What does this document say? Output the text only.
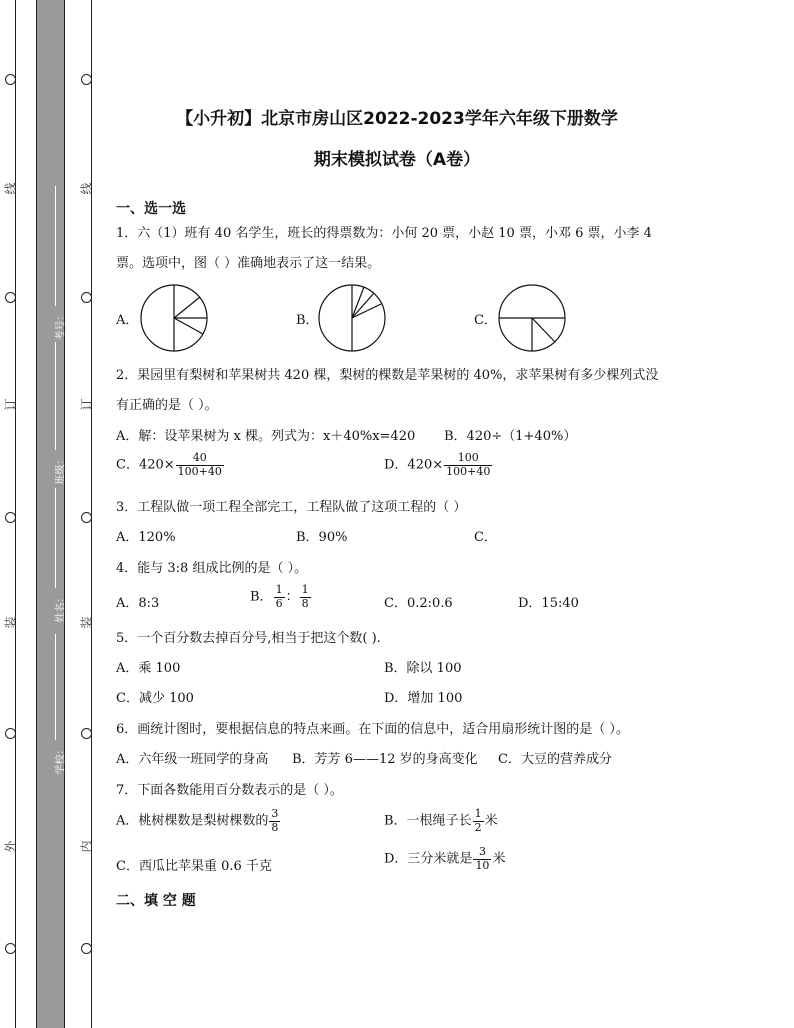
线
订
装
外
线
订
装
内
考号：
班级：
姓名：
学校：
【小升初】北京市房山区2022-2023学年六年级下册数学
期末模拟试卷（A卷）
一、选一选
1．六（1）班有 40 名学生，班长的得票数为：小何 20 票，小赵 10 票，小邓 6 票，小李 4
票。选项中，图（ ）准确地表示了这一结果。
A．	B．	C．
2．果园里有梨树和苹果树共 420 棵，梨树的棵数是苹果树的 40%，求苹果树有多少棵列式没
有正确的是（ ）。
A．解：设苹果树为 x 棵。列式为：x＋40%x=420 B．420÷（1+40%）
C．$420\times \frac{40}{100+40}$	D．$420\times \frac{100}{100+40}$
3．工程队做一项工程全部完工，工程队做了这项工程的（ ）
A．120%	B．90%	C．
4．能与 3:8 组成比例的是（ ）。
A．8:3	B． $\frac{1}{6}$ ： $\frac{1}{8}$	C．0.2:0.6	D．15:40
5．一个百分数去掉百分号,相当于把这个数( ).
A．乘 100	B．除以 100
C．减少 100	D．增加 100
6．画统计图时，要根据信息的特点来画。在下面的信息中，适合用扇形统计图的是（ ）。
A．六年级一班同学的身高 B．芳芳 6——12 岁的身高变化 C．大豆的营养成分
7．下面各数能用百分数表示的是（ ）。
A．桃树棵数是梨树棵数的 $\frac{3}{8}$	B．一根绳子长 $\frac{1}{2}$ 米
C．西瓜比苹果重 0.6 千克	D．三分米就是 $\frac{3}{10}$ 米
二、填 空 题
